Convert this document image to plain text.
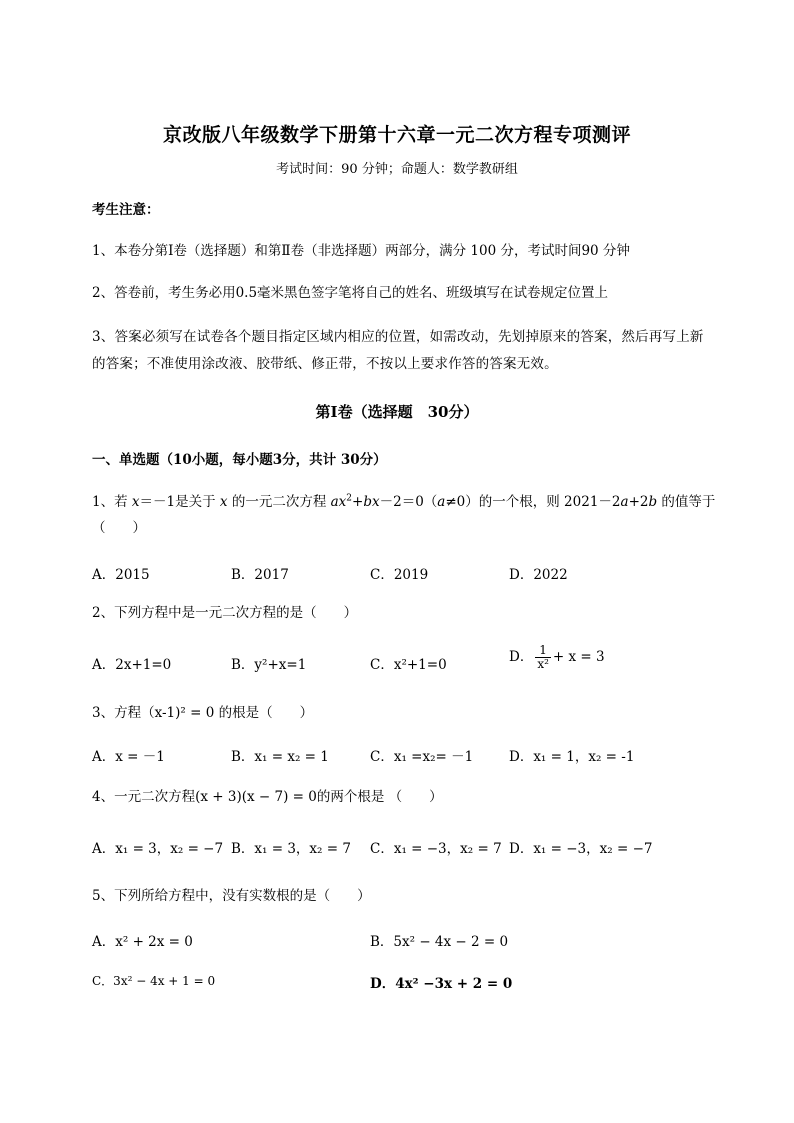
京改版八年级数学下册第十六章一元二次方程专项测评
考试时间：90 分钟；命题人：数学教研组
考生注意：
1、本卷分第Ⅰ卷（选择题）和第Ⅱ卷（非选择题）两部分，满分 100 分，考试时间90 分钟
2、答卷前，考生务必用0.5毫米黑色签字笔将自己的姓名、班级填写在试卷规定位置上
3、答案必须写在试卷各个题目指定区域内相应的位置，如需改动，先划掉原来的答案，然后再写上新的答案；不准使用涂改液、胶带纸、修正带，不按以上要求作答的答案无效。
第Ⅰ卷（选择题　30分）
一、单选题（10小题，每小题3分，共计 30分）
1、若 x＝－1是关于 x 的一元二次方程 $ax^2+bx-2=0(a\ne 0)$的一个根，则 2021－2a+2b 的值等于
（　　）
A．2015	B．2017	C．2019	D．2022
2、下列方程中是一元二次方程的是（　　）
A．2x+1=0	B．y²+x=1	C．x²+1=0	D． $\frac{1}{\text{x²}} + x = 3$
3、方程（x-1)² = 0 的根是（　　）
A．x = －1	B．x₁ = x₂ = 1	C．x₁ =x₂= －1	D．x₁ = 1，x₂ = -1
4、一元二次方程(x + 3)(x − 7) = 0的两个根是 （　　）
A．x₁ = 3，x₂ = −7 B．x₁ = 3，x₂ = 7 C．x₁ = −3，x₂ = 7 D．x₁ = −3，x₂ = −7
5、下列所给方程中，没有实数根的是（　　）
A．x² + 2x = 0	B．5x² − 4x − 2 = 0
C．3x² − 4x + 1 = 0	D．4x² −3x + 2 = 0
